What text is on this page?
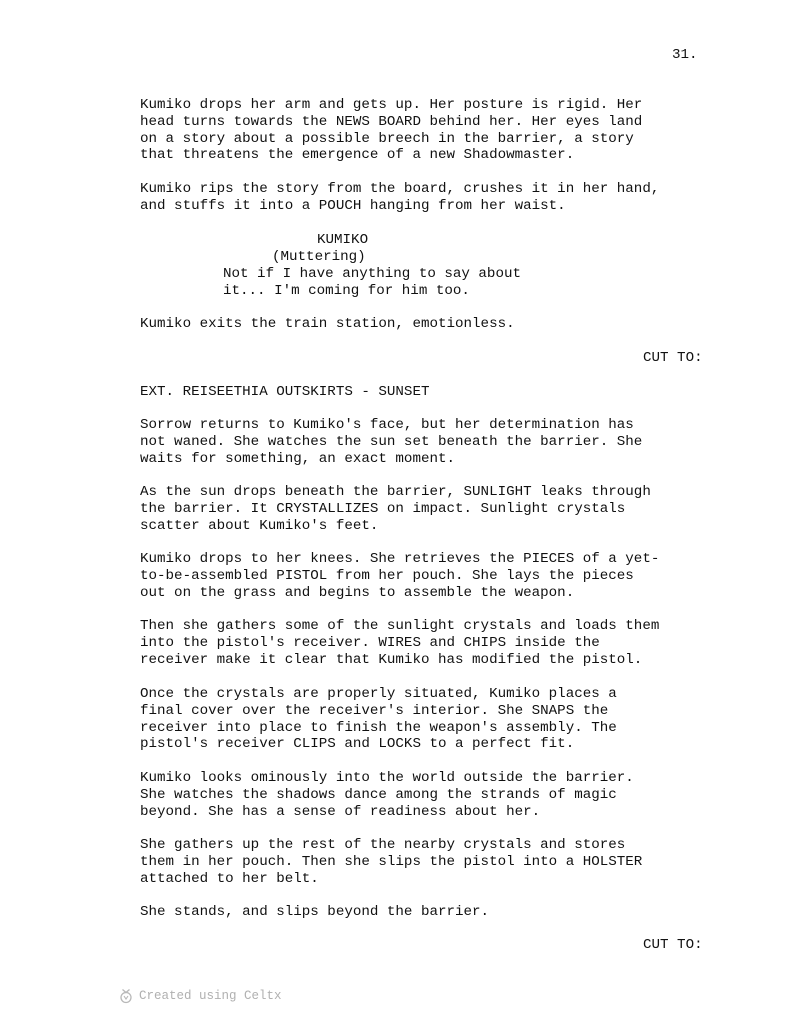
31.

Kumiko drops her arm and gets up. Her posture is rigid. Her
head turns towards the NEWS BOARD behind her. Her eyes land
on a story about a possible breech in the barrier, a story
that threatens the emergence of a new Shadowmaster.

Kumiko rips the story from the board, crushes it in her hand,
and stuffs it into a POUCH hanging from her waist.

KUMIKO

(Muttering)

Not if I have anything to say about
it... I'm coming for him too.

Kumiko exits the train station, emotionless.

CUT TO:

EXT. REISEETHIA OUTSKIRTS - SUNSET

Sorrow returns to Kumiko's face, but her determination has
not waned. She watches the sun set beneath the barrier. She
waits for something, an exact moment.

As the sun drops beneath the barrier, SUNLIGHT leaks through
the barrier. It CRYSTALLIZES on impact. Sunlight crystals
scatter about Kumiko's feet.

Kumiko drops to her knees. She retrieves the PIECES of a yet-
to-be-assembled PISTOL from her pouch. She lays the pieces
out on the grass and begins to assemble the weapon.

Then she gathers some of the sunlight crystals and loads them
into the pistol's receiver. WIRES and CHIPS inside the
receiver make it clear that Kumiko has modified the pistol.

Once the crystals are properly situated, Kumiko places a
final cover over the receiver's interior. She SNAPS the
receiver into place to finish the weapon's assembly. The
pistol's receiver CLIPS and LOCKS to a perfect fit.

Kumiko looks ominously into the world outside the barrier.
She watches the shadows dance among the strands of magic
beyond. She has a sense of readiness about her.

She gathers up the rest of the nearby crystals and stores
them in her pouch. Then she slips the pistol into a HOLSTER
attached to her belt.

She stands, and slips beyond the barrier.

CUT TO:

Created using Celtx
